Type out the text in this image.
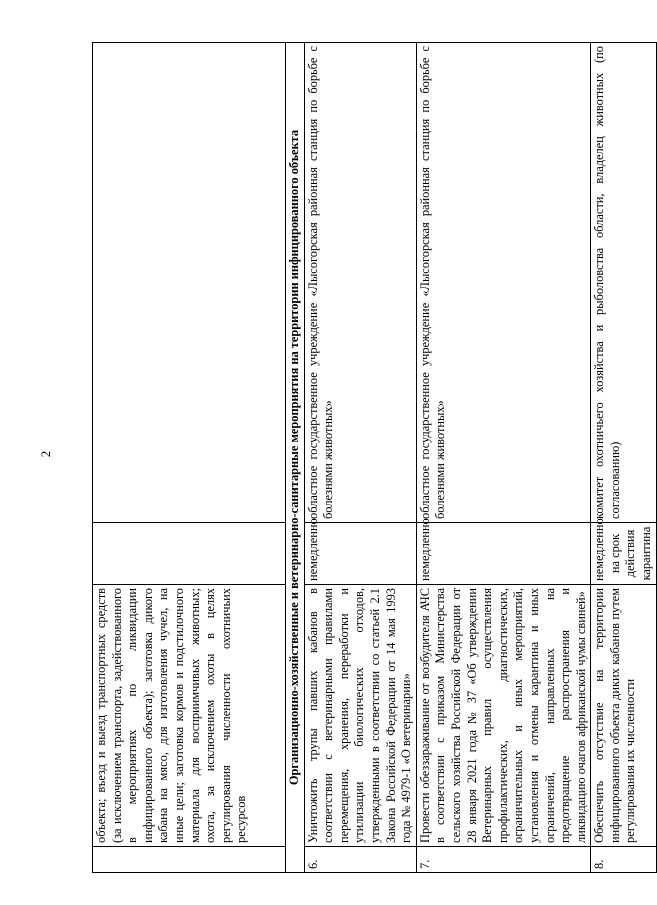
2
	объекта; въезд и выезд транспортных средств (за исключением транспорта, задействованного в мероприятиях по ликвидации инфицированного объекта); заготовка дикого кабана на мясо, для изготовления чучел, на иные цели; заготовка кормов и подстилочного материала для восприимчивых животных; охота, за исключением охоты в целях регулирования численности охотничьих ресурсов		
Организационно-хозяйственные и ветеринарно-санитарные мероприятия на территории инфицированного объекта			
6.	Уничтожить трупы павших кабанов в соответствии с ветеринарными правилами перемещения, хранения, переработки и утилизации биологических отходов, утвержденными в соответствии со статьей 2.1 Закона Российской Федерации от 14 мая 1993 года № 4979-1 «О ветеринарии»	немедленно	областное государственное учреждение «Лысогорская районная станция по борьбе с болезнями животных»
7.	Провести обеззараживание от возбудителя АЧС в соответствии с приказом Министерства сельского хозяйства Российской Федерации от 28 января 2021 года № 37 «Об утверждении Ветеринарных правил осуществления профилактических, диагностических, ограничительных и иных мероприятий, установления и отмены карантина и иных ограничений, направленных на предотвращение распространения и ликвидацию очагов африканской чумы свиней»	немедленно	областное государственное учреждение «Лысогорская районная станция по борьбе с болезнями животных»
8.	Обеспечить отсутствие на территории инфицированного объекта диких кабанов путем регулирования их численности	немедленно на срок действия карантина	комитет охотничьего хозяйства и рыболовства области, владелец животных (по согласованию)
